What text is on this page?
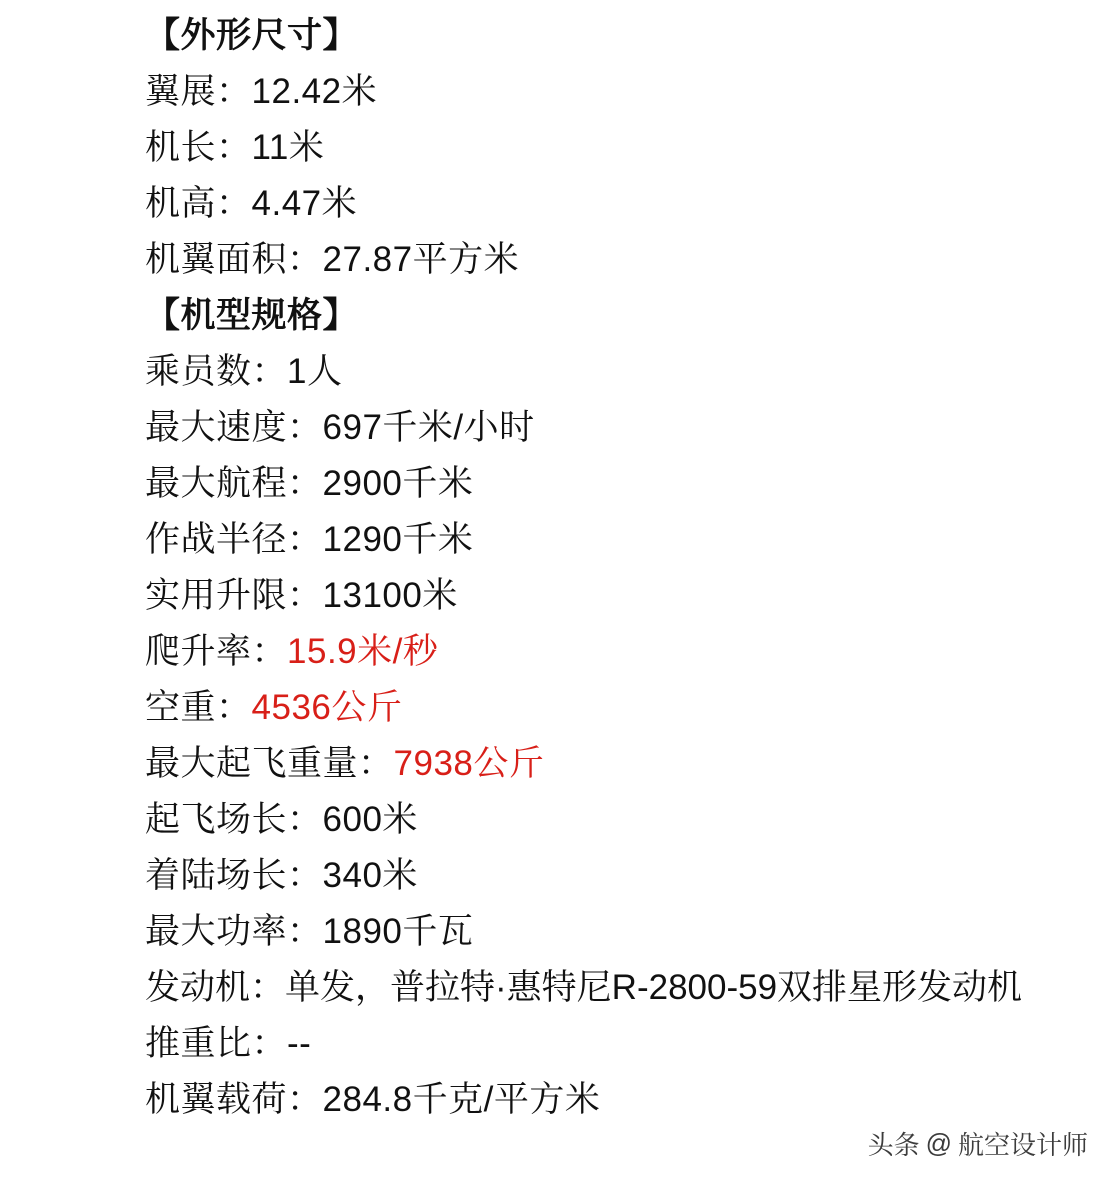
【外形尺寸】
翼展：12.42米
机长：11米
机高：4.47米
机翼面积：27.87平方米
【机型规格】
乘员数：1人
最大速度：697千米/小时
最大航程：2900千米
作战半径：1290千米
实用升限：13100米
爬升率：15.9米/秒
空重：4536公斤
最大起飞重量：7938公斤
起飞场长：600米
着陆场长：340米
最大功率：1890千瓦
发动机：单发，普拉特·惠特尼R-2800-59双排星形发动机
推重比：--
机翼载荷：284.8千克/平方米
头条 @ 航空设计师
